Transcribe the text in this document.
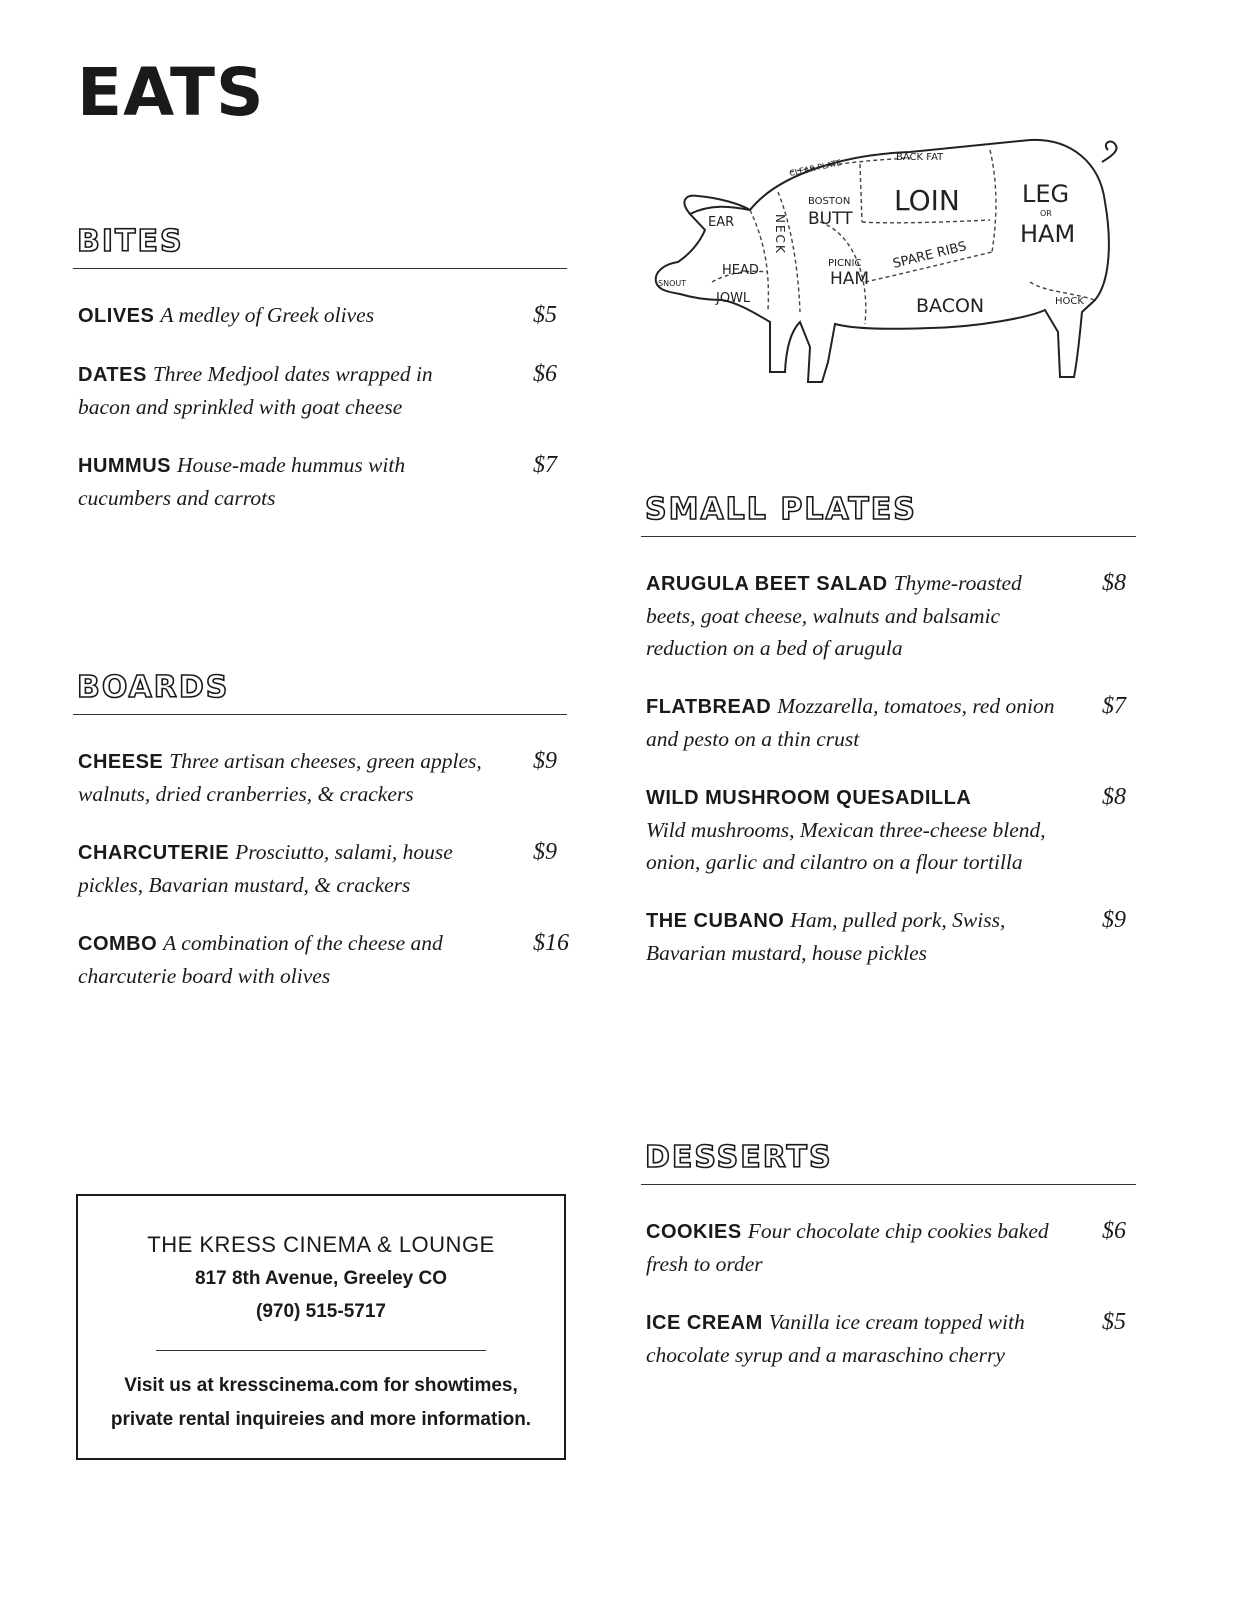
EATS
BITES
OLIVES A medley of Greek olives	$5
DATES Three Medjool dates wrapped in bacon and sprinkled with goat cheese
$6
HUMMUS House-made hummus with cucumbers and carrots
$7
BOARDS
CHEESE Three artisan cheeses, green apples, walnuts, dried cranberries, & crackers
$9
CHARCUTERIE Prosciutto, salami, house pickles, Bavarian mustard, & crackers
$9
COMBO A combination of the cheese and charcuterie board with olives
$16
SMALL PLATES
ARUGULA BEET SALAD Thyme-roasted beets, goat cheese, walnuts and balsamic reduction on a bed of arugula
$8
FLATBREAD Mozzarella, tomatoes, red onion and pesto on a thin crust
$7
WILD MUSHROOM QUESADILLA
Wild mushrooms, Mexican three-cheese blend, onion, garlic and cilantro on a flour tortilla
$8
THE CUBANO Ham, pulled pork, Swiss, Bavarian mustard, house pickles
$9
DESSERTS
COOKIES Four chocolate chip cookies baked fresh to order
$6
ICE CREAM Vanilla ice cream topped with chocolate syrup and a maraschino cherry
$5
THE KRESS CINEMA & LOUNGE
817 8th Avenue, Greeley CO
(970) 515-5717
Visit us at kresscinema.com for showtimes,
private rental inquireies and more information.
EAR
SNOUT
HEAD
JOWL
NECK
CLEAR PLATE
BOSTON
BUTT
BACK FAT
LOIN	LEG
OR
HAM
PICNIC
HAM
SPARE RIBS
BACON	HOCK
